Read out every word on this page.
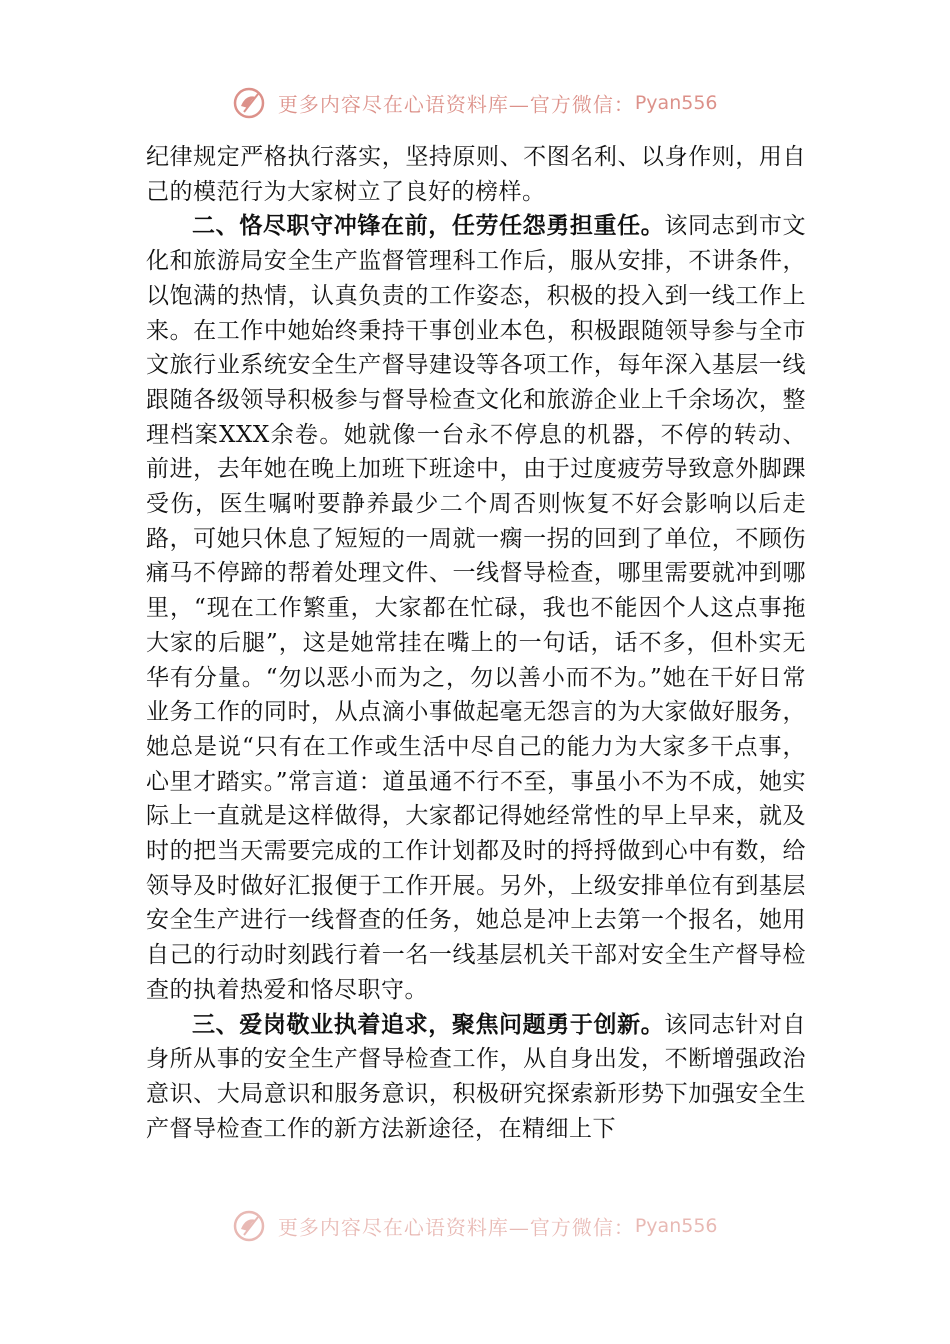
更多内容尽在心语资料库—官方微信：Pyan556

纪律规定严格执行落实，坚持原则、不图名利、以身作则，用自己的模范行为大家树立了良好的榜样。

二、恪尽职守冲锋在前，任劳任怨勇担重任。该同志到市文化和旅游局安全生产监督管理科工作后，服从安排，不讲条件，以饱满的热情，认真负责的工作姿态，积极的投入到一线工作上来。在工作中她始终秉持干事创业本色，积极跟随领导参与全市文旅行业系统安全生产督导建设等各项工作，每年深入基层一线跟随各级领导积极参与督导检查文化和旅游企业上千余场次，整理档案XXX余卷。她就像一台永不停息的机器，不停的转动、前进，去年她在晚上加班下班途中，由于过度疲劳导致意外脚踝受伤，医生嘱咐要静养最少二个周否则恢复不好会影响以后走路，可她只休息了短短的一周就一瘸一拐的回到了单位，不顾伤痛马不停蹄的帮着处理文件、一线督导检查，哪里需要就冲到哪里，“现在工作繁重，大家都在忙碌，我也不能因个人这点事拖大家的后腿”，这是她常挂在嘴上的一句话，话不多，但朴实无华有分量。“勿以恶小而为之，勿以善小而不为。”她在干好日常业务工作的同时，从点滴小事做起毫无怨言的为大家做好服务，她总是说“只有在工作或生活中尽自己的能力为大家多干点事，心里才踏实。”常言道：道虽通不行不至，事虽小不为不成，她实际上一直就是这样做得，大家都记得她经常性的早上早来，就及时的把当天需要完成的工作计划都及时的捋捋做到心中有数，给领导及时做好汇报便于工作开展。另外，上级安排单位有到基层安全生产进行一线督查的任务，她总是冲上去第一个报名，她用自己的行动时刻践行着一名一线基层机关干部对安全生产督导检查的执着热爱和恪尽职守。

三、爱岗敬业执着追求，聚焦问题勇于创新。该同志针对自身所从事的安全生产督导检查工作，从自身出发，不断增强政治意识、大局意识和服务意识，积极研究探索新形势下加强安全生产督导检查工作的新方法新途径，在精细上下

更多内容尽在心语资料库—官方微信：Pyan556
